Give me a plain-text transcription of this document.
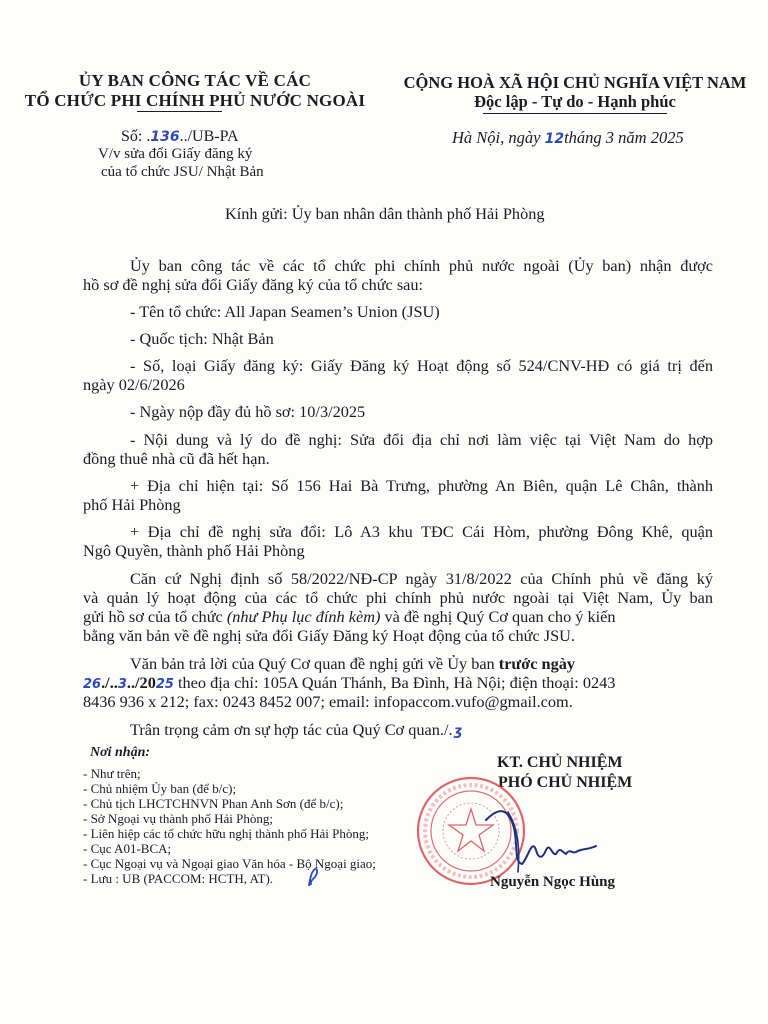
ỦY BAN CÔNG TÁC VỀ CÁC
TỔ CHỨC PHI CHÍNH PHỦ NƯỚC NGOÀI
CỘNG HOÀ XÃ HỘI CHỦ NGHĨA VIỆT NAM
Độc lập - Tự do - Hạnh phúc
Số: .136../UB-PA
V/v sửa đổi Giấy đăng ký
của tổ chức JSU/ Nhật Bản
Hà Nội, ngày 12tháng 3 năm 2025
Kính gửi: Ủy ban nhân dân thành phố Hải Phòng
Ủy ban công tác về các tổ chức phi chính phủ nước ngoài (Ủy ban) nhận được
hồ sơ đề nghị sửa đổi Giấy đăng ký của tổ chức sau:
- Tên tổ chức: All Japan Seamen’s Union (JSU)
- Quốc tịch: Nhật Bản
- Số, loại Giấy đăng ký: Giấy Đăng ký Hoạt động số 524/CNV-HĐ có giá trị đến
ngày 02/6/2026
- Ngày nộp đầy đủ hồ sơ: 10/3/2025
- Nội dung và lý do đề nghị: Sửa đổi địa chỉ nơi làm việc tại Việt Nam do hợp
đồng thuê nhà cũ đã hết hạn.
+ Địa chỉ hiện tại: Số 156 Hai Bà Trưng, phường An Biên, quận Lê Chân, thành
phố Hải Phòng
+ Địa chỉ đề nghị sửa đổi: Lô A3 khu TĐC Cái Hòm, phường Đông Khê, quận
Ngô Quyền, thành phố Hải Phòng
Căn cứ Nghị định số 58/2022/NĐ-CP ngày 31/8/2022 của Chính phủ về đăng ký
và quản lý hoạt động của các tổ chức phi chính phủ nước ngoài tại Việt Nam, Ủy ban
gửi hồ sơ của tổ chức (như Phụ lục đính kèm) và đề nghị Quý Cơ quan cho ý kiến
bằng văn bản về đề nghị sửa đổi Giấy Đăng ký Hoạt động của tổ chức JSU.
Văn bản trả lời của Quý Cơ quan đề nghị gửi về Ủy ban trước ngày
26./..3../2025 theo địa chỉ: 105A Quán Thánh, Ba Đình, Hà Nội; điện thoại: 0243
8436 936 x 212; fax: 0243 8452 007; email: infopaccom.vufo@gmail.com.
Trân trọng cảm ơn sự hợp tác của Quý Cơ quan./. ʒ
Nơi nhận:
- Như trên;
- Chủ nhiệm Ủy ban (để b/c);
- Chủ tịch LHCTCHNVN Phan Anh Sơn (để b/c);
- Sở Ngoại vụ thành phố Hải Phòng;
- Liên hiệp các tổ chức hữu nghị thành phố Hải Phòng;
- Cục A01-BCA;
- Cục Ngoại vụ và Ngoại giao Văn hóa - Bộ Ngoại giao;
- Lưu : UB (PACCOM: HCTH, AT).
KT. CHỦ NHIỆM
PHÓ CHỦ NHIỆM
Nguyễn Ngọc Hùng
